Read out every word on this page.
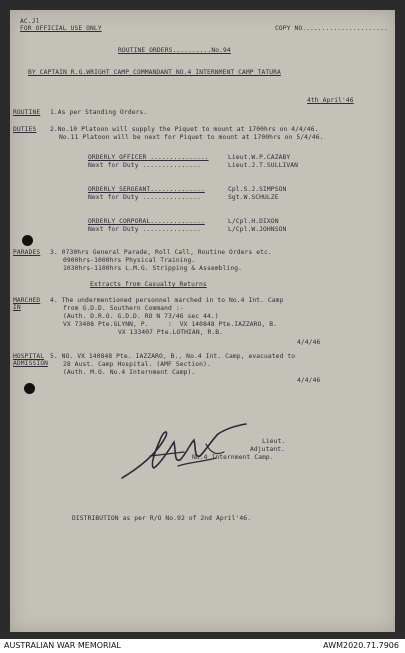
AC.Jl
FOR OFFICIAL USE ONLY	COPY NO......................
ROUTINE ORDERS..........No.94
BY CAPTAIN R.G.WRIGHT CAMP COMMANDANT NO.4 INTERNMENT CAMP TATURA
4th April'46
ROUTINE 1.As per Standing Orders.
DUTIES 2.No.10 Platoon will supply the Piquet to mount at 1700hrs on 4/4/46.
No.11 Platoon will be next for Piquet to mount at 1700hrs on 5/4/46.
ORDERLY OFFICER ...............	Lieut.W.P.CAZABY
Next for Duty ...............	Lieut.J.T.SULLIVAN
ORDERLY SERGEANT..............	Cpl.S.J.SIMPSON
Next for Duty ...............	Sgt.W.SCHULZE
ORDERLY CORPORAL..............	L/Cpl.H.DIXON
Next for Duty ...............	L/Cpl.W.JOHNSON
PARADES 3. 0730hrs General Parade, Roll Call, Routine Orders etc.
0900hrs-1000hrs Physical Training.
1030hrs-1100hrs L.M.G. Stripping & Assembling.
Extracts from Casualty Returns
MARCHED
IN
4. The undermentioned personnel marched in to No.4 Int. Camp
from G.D.D. Southern Command :-
(Auth. D.R.O. G.D.D. RO N 73/46 sec 44.)
VX 73408 Pte.GLYNN, P.     :  VX 140848 Pte.IAZZARO, B.
VX 133407 Pte.LOTHIAN, R.B.
4/4/46
HOSPITAL
ADMISSION
5. NO. VX 140848 Pte. IAZZARO, B., No.4 Int. Camp, evacuated to
28 Aust. Camp Hospital. (AMF Section).
(Auth. M.O. No.4 Internment Camp).
4/4/46
Lieut.
Adjutant.
No.4 Internment Camp.
DISTRIBUTION as per R/O No.92 of 2nd April'46.
AUSTRALIAN WAR MEMORIAL	AWM2020.71.7906
